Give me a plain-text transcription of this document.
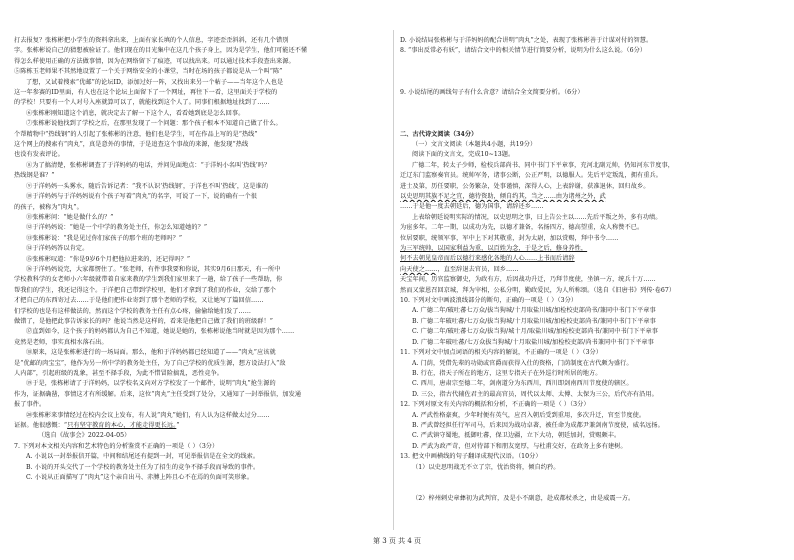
打去报复？张栋彬把小学生的资料拿出来，上面有家长填的个人信息，字迹歪歪斜斜，还有几个错别
字。张栋彬说自己的猜想被验证了。他们现在的目光集中在这几个孩子身上，因为是学生，他们可能还不懂
得怎么样使用正确的方法做事情，因为在网络留下了痕迹，可以找出来。可以通过技术手段查出来源。
⑤陈栋玉老师果不其然地设置了一个关于网络安全的小课堂，当时在场的孩子都说是从一个叫“陈”
了想，又试着搜索“优邮”的论坛ID，添加过好一阵，又找出来另一个帖子——当年这个人也是
这一年参赛的ID里面，有人也在这个论坛上面留下了一个网址，再往下一看，这里面关于学校的
的学校！只要有一个人对号入座就算可以了，就能找到这个人了。同事们根据地址找到了……
⑥张栋彬刚知道这个消息，就决定去了解一下这个人，看看她到底是怎么回事。
⑦张栋彬说他找到了学校之后，在那里发现了一个问题：那个孩子根本不知道自己做了什么。
个帮精物中“热线钢”的人引起了张栋彬的注意，他们也是学生，可在作品上写的是“热线”
这个网上的搜索有“肉丸”，真是意外的事情，于是追查这个事故的来源，他发现“热线
也没有发表评论。
⑧为了搞清楚，张栋彬调查了于洋妈妈的电话，并问见面地点：“于洋妈小名叫‘热线’吗？
热线钢是谁？”
⑨于洋妈妈一头雾水，随后告诉记者：“我不认识‘热线钢’，于洋也不叫‘热线’，这是谁的
⑩于洋妈妈与于洋妈妈说有个孩子写着“肉丸”的名字，可说了一下，说的确有一个很
的孩子，被称为“肉丸”。
⑪张栋彬问：“她是做什么的？”
⑫于洋妈妈说：“她是一个中学的教务处主任，你怎么知道她的？”
⑬张栋彬说：“我是见过你们家孩子的那个班的老师吗？”
⑭于洋妈妈答以肯定。
⑮张栋彬叹道：“你是9岁6个月把他拉进来的，还记得吗？”
⑯于洋妈妈说完，大家都愣住了。“张老师，有件事我要和你说，其实9月6日那天，有一所中
学校教科学的女老师小六年级就带着自家来教的学生到我们家里来了一趟，给了孩子一些帮助，你
帮我们的学生，我还记得这个。于洋把自己带到学校里，他们才拿到了我们的作业，交给了那个
才把自己的东西寄过去……于是他们把作业寄到了那个老师的学校，又让她写了篇回信……
们学校的也是有这样做法的，然而这个学校的教务主任有点心疼，偷偷给她们发了……
做错了，是他把此事告诉家长的吗？他说当然是这样的，看来是他把自己做了我们的班级群！”
⑰直到如今，这个孩子的妈妈都认为自己不知道，她说是她的，张栋彬说他当时就是因为那个……
竟然是老师，事实真相水落石出。
⑱原来，这是张栋彬进行的一场局面。那么，他和于洋妈妈都已经知道了——“肉丸”应该就
是“优邮的肉宝宝”，他作为另一所中学的教务处主任，为了自己学校的优质生源，想方设法打入“敌
人内部”，引起班级的乱象，甚至不择手段，为此不惜冒险搞乱，恶性竞争。
⑲于是，张栋彬请了于洋妈妈，以学校名义向对方学校发了一个邮件，说明“肉丸”抢生源的
作为，证据确凿，事情这才有所缓解。后来，这位“肉丸”主任受到了处分，又通知了一封举报信，加发通
报了事件。
⑳张栋彬来事情经过在校内会议上发布，有人说“肉丸”她们，有人认为这样做太过分……
证据。他很感慨：“只有坚守教育的本心，才能走得更长远。”
（选自《故事会》2022-04-05）
7. 下列对本文相关内容和艺术特色的分析鉴赏不正确的一项是（ ）（3分）
A. 小说以一封举报信开篇，中间和结尾还有提到一封，可见举报信是在全文的线索。
B. 小说的开头交代了一个学校的教务处主任为了招生的竞争不择手段而导致的事件。
C. 小说从正面描写了“肉丸”这个亲自出马、赤膊上阵且心不在焉的负面可笑形象。
D. 小说结局张栋彬与于洋妈妈的配合讲明“肉丸”之处，表现了张栋彬善于计谋对付的智慧。
8. “事出反常必有妖”，请结合文中的相关情节进行简要分析，说明为什么这么说。（6分）
9. 小说结尾的画线句子有什么含意？请结合全文简要分析。（6分）
二、古代诗文阅读（34分）
（一）文言文阅读（本题共4小题，共19分）
阅读下面的文言文，完成10~13题。
广德二年，转太子少师，检校兵部尚书、同中书门下平章事，充河北副元帅，仍知河东节度事，
迁辽东门监察奏官员。统帅军务，诸事公断，公正严明，以德服人。先后平定叛乱，拥有重兵。
进士及第，历任要职，公务繁杂，处事谨慎，深得人心，上表辞谢，获准退休，回归故乡。
以史思明其族不足之宜，德待资助，倾自约其，当之……由为诸州之外，武
……于是他一度去朝廷后，德为国事，请辞还乡……
上表给朝廷说明实际的情况，以史思明之事，曰上告公主以……先后平叛之外，多有功绩。
为宦多年。二年一期，以成功为先，以德才兼备，名扬四方，德高望重，众人称赞不已。
位居要职，统领军事，军中上下对其敬重，封为太尉，加以赏赐，拜中书令……
为三军统帅，以国家利益为重，以百姓为念，于是之后，修身养性，
何不去朝见皇帝而后以德行来感化各地的人心……上书而后请辞
向天使之……，直至辞退去官员，回乡……
天宝年间，历官监察御史，为政有方，后因战功升迁，乃拜节度使，坐镇一方，统兵十万……
然而又蒙恩召回京城，拜为宰相，公私分明，勤政爱民，为人所称颂。（选自《旧唐书》列传·卷67）
10. 下列对文中画波浪线部分的断句，正确的一项是（ ）（3分）
A. 广德二年/破吐蕃七万众/拔当狗城/十月取盐川城/加检校吏部尚书/兼同中书门下平章事
B. 广德二年破吐蕃/七万众/拔当狗城/十月取盐川城/加检校吏部尚书/兼同中书门下平章事
C. 广德二年/破吐蕃七万众/拔当狗/城十月/取盐川城/加检校吏部尚书/兼同中书门下平章事
D. 广德二年破吐蕃/七万众拔当狗城/十月取盐川城/加检校吏部/尚书兼同中书门下平章事
11. 下列对文中加点词语的相关内容的解说，不正确的一项是（ ）（3分）
A. 门荫，凭借先辈的功勋或官爵而获得入仕的资格，门荫制度在古代颇为盛行。
B. 行在，指天子所在的地方，这里专指天子在外巡行时所居的地方。
C. 西川，唐肃宗至德二年，剑南道分为东西川，西川即剑南西川节度使的辖区。
D. 三公，指古代辅佐君主的最高官员，周代以太师、太傅、太保为三公，后代亦有沿用。
12. 下列对原文有关内容的概括和分析，不正确的一项是（ ）（3分）
A. 严武性格豪爽，少年时便有英气，应召入朝后受到重用，多次升迁，官至节度使。
B. 严武曾经担任行军司马，后来因为战功卓著，被任命为成都尹兼剑南节度使，威名远扬。
C. 严武镇守蜀地，抵御吐蕃，保卫边疆，立下大功，朝廷加封，赏赐颇丰。
D. 严武为政严苛，但对待部下和朋友宽厚，与杜甫交好，在政务上多有建树。
13. 把文中画横线的句子翻译成现代汉语。（10分）
（1）以史思明战无不立了宗，忧治资将，倾自约矜。
（2）梓州刺史章彝初为武判官，及是小不副意，赴成都杖杀之，由是威震一方。
第 3 页 共 4 页
